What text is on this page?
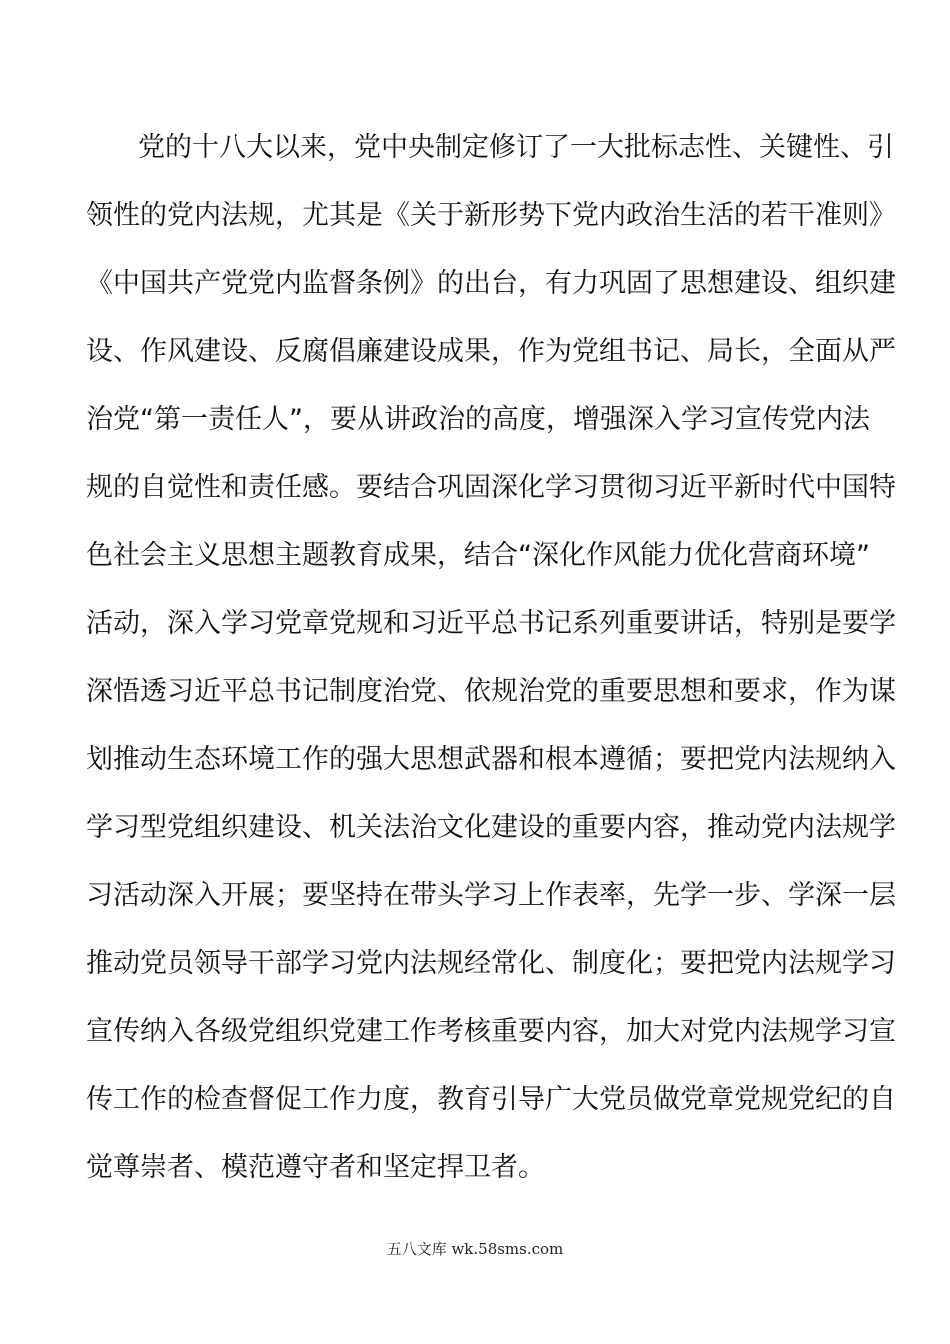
党 的 十 八 大 以 来 ， 党 中 央 制 定 修 订 了 一 大 批 标 志 性 、 关 键 性 、 引
领 性 的 党 内 法 规 ， 尤 其 是 《 关 于 新 形 势 下 党 内 政 治 生 活 的 若 干 准 则 》
《 中 国 共 产 党 党 内 监 督 条 例 》 的 出 台 ， 有 力 巩 固 了 思 想 建 设 、 组 织 建
设 、 作 风 建 设 、 反 腐 倡 廉 建 设 成 果 ， 作 为 党 组 书 记 、 局 长 ， 全 面 从 严
治 党 “ 第 一 责 任 人 ” ， 要 从 讲 政 治 的 高 度 ， 增 强 深 入 学 习 宣 传 党 内 法
规 的 自 觉 性 和 责 任 感 。 要 结 合 巩 固 深 化 学 习 贯 彻 习 近 平 新 时 代 中 国 特
色 社 会 主 义 思 想 主 题 教 育 成 果 ， 结 合 “ 深 化 作 风 能 力 优 化 营 商 环 境 ”
活 动 ， 深 入 学 习 党 章 党 规 和 习 近 平 总 书 记 系 列 重 要 讲 话 ， 特 别 是 要 学
深 悟 透 习 近 平 总 书 记 制 度 治 党 、 依 规 治 党 的 重 要 思 想 和 要 求 ， 作 为 谋
划 推 动 生 态 环 境 工 作 的 强 大 思 想 武 器 和 根 本 遵 循 ； 要 把 党 内 法 规 纳 入
学 习 型 党 组 织 建 设 、 机 关 法 治 文 化 建 设 的 重 要 内 容 ， 推 动 党 内 法 规 学
习 活 动 深 入 开 展 ； 要 坚 持 在 带 头 学 习 上 作 表 率 ， 先 学 一 步 、 学 深 一 层
推 动 党 员 领 导 干 部 学 习 党 内 法 规 经 常 化 、 制 度 化 ； 要 把 党 内 法 规 学 习
宣 传 纳 入 各 级 党 组 织 党 建 工 作 考 核 重 要 内 容 ， 加 大 对 党 内 法 规 学 习 宣
传 工 作 的 检 查 督 促 工 作 力 度 ， 教 育 引 导 广 大 党 员 做 党 章 党 规 党 纪 的 自
觉尊崇者、模范遵守者和坚定捍卫者。
五八文库 wk.58sms.com
